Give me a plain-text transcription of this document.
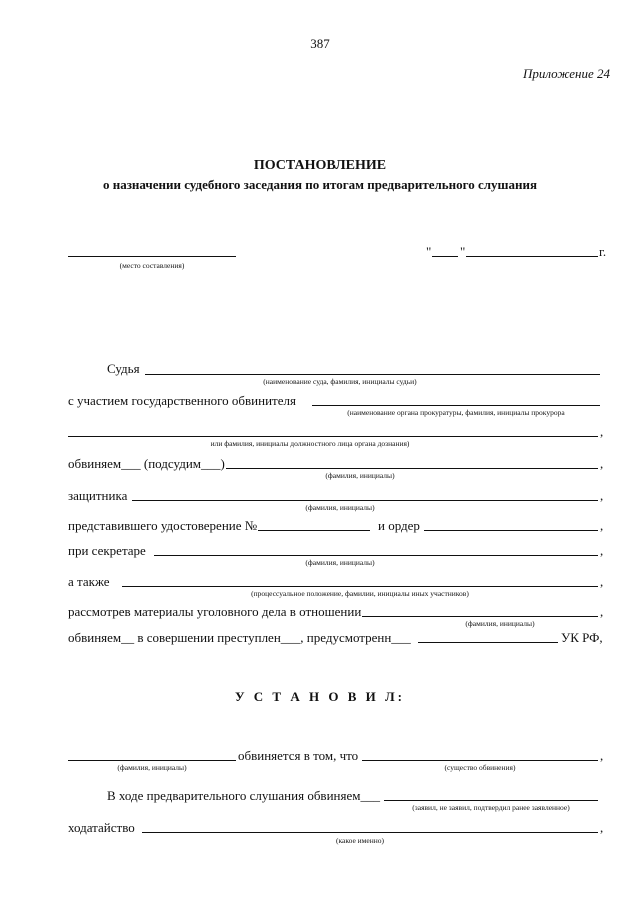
387
Приложение 24
ПОСТАНОВЛЕНИЕ
о назначении судебного заседания по итогам предварительного слушания
(место составления)
" "	г.
Судья
(наименование суда, фамилия, инициалы судьи)
с участием государственного обвинителя
(наименование органа прокуратуры, фамилия, инициалы прокурора
,
или фамилия, инициалы должностного лица органа дознания)
обвиняем___ (подсудим___)	,
(фамилия, инициалы)
защитника	,
(фамилия, инициалы)
представившего удостоверение №	и ордер	,
при секретаре	,
(фамилия, инициалы)
а также	,
(процессуальное положение, фамилии, инициалы иных участников)
рассмотрев материалы уголовного дела в отношении	,
(фамилия, инициалы)
обвиняем__ в совершении преступлен___, предусмотренн___	УК РФ,
У С Т А Н О В И Л:
обвиняется в том, что	,
(фамилия, инициалы)	(существо обвинения)
В ходе предварительного слушания обвиняем___
(заявил, не заявил, подтвердил ранее заявленное)
ходатайство	,
(какое именно)
